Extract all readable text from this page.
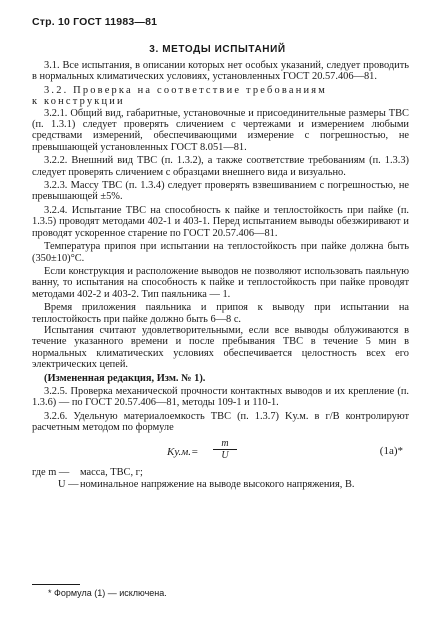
Стр. 10 ГОСТ 11983—81
3. МЕТОДЫ ИСПЫТАНИЙ

3.1. Все испытания, в описании которых нет особых указаний, следует проводить в нормальных климатических условиях, установленных ГОСТ 20.57.406—81.

3.2. Проверка на соответствие требованиям

к конструкции

3.2.1. Общий вид, габаритные, установочные и присоединительные размеры ТВС (п. 1.3.1) следует проверять сличением с чертежами и измерением любыми средствами измерений, обеспечивающими измерение с погрешностью, не превышающей установленных ГОСТ 8.051—81.

3.2.2. Внешний вид ТВС (п. 1.3.2), а также соответствие требованиям (п. 1.3.3) следует проверять сличением с образцами внешнего вида и визуально.

3.2.3. Массу ТВС (п. 1.3.4) следует проверять взвешиванием с погрешностью, не превышающей ±5%.

3.2.4. Испытание ТВС на способность к пайке и теплостойкость при пайке (п. 1.3.5) проводят методами 402-1 и 403-1. Перед испытанием выводы обезжиривают и проводят ускоренное старение по ГОСТ 20.57.406—81.

Температура припоя при испытании на теплостойкость при пайке должна быть (350±10)°С.

Если конструкция и расположение выводов не позволяют использовать паяльную ванну, то испытания на способность к пайке и теплостойкость при пайке проводят методами 402-2 и 403-2. Тип паяльника — 1.

Время приложения паяльника и припоя к выводу при испытании на теплостойкость при пайке должно быть 6—8 с.

Испытания считают удовлетворительными, если все выводы облуживаются в течение указанного времени и после пребывания ТВС в течение 5 мин в нормальных климатических условиях обеспечивается целостность всех его электрических цепей.

(Измененная редакция, Изм. № 1).

3.2.5. Проверка механической прочности контактных выводов и их крепление (п. 1.3.6) — по ГОСТ 20.57.406—81, методы 109-1 и 110-1.

3.2.6. Удельную материалоемкость ТВС (п. 1.3.7) Kу.м. в г/В контролируют расчетным методом по формуле

$Kу.м.= \frac{m}{U}$	(1а)*
где m — масса, ТВС, г;
U — номинальное напряжение на выводе высокого напряжения, В.
* Формула (1) — исключена.
